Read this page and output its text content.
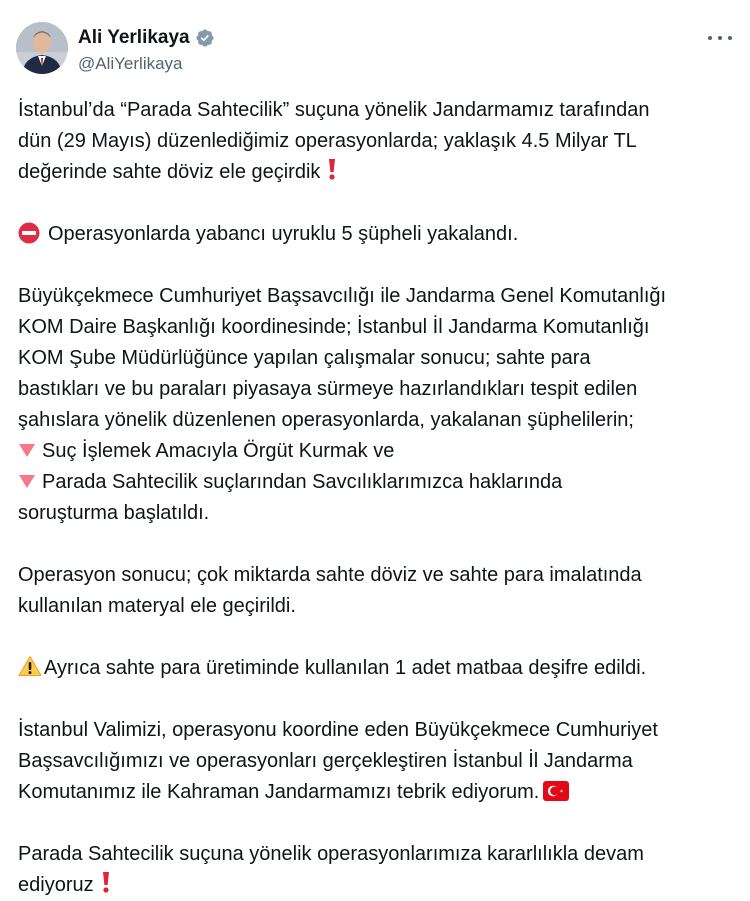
Ali Yerlikaya
@AliYerlikaya
İstanbul’da “Parada Sahtecilik” suçuna yönelik Jandarmamız tarafından
dün (29 Mayıs) düzenlediğimiz operasyonlarda; yaklaşık 4.5 Milyar TL
değerinde sahte döviz ele geçirdik
Operasyonlarda yabancı uyruklu 5 şüpheli yakalandı.
Büyükçekmece Cumhuriyet Başsavcılığı ile Jandarma Genel Komutanlığı
KOM Daire Başkanlığı koordinesinde; İstanbul İl Jandarma Komutanlığı
KOM Şube Müdürlüğünce yapılan çalışmalar sonucu; sahte para
bastıkları ve bu paraları piyasaya sürmeye hazırlandıkları tespit edilen
şahıslara yönelik düzenlenen operasyonlarda, yakalanan şüphelilerin;
Suç İşlemek Amacıyla Örgüt Kurmak ve
Parada Sahtecilik suçlarından Savcılıklarımızca haklarında
soruşturma başlatıldı.
Operasyon sonucu; çok miktarda sahte döviz ve sahte para imalatında
kullanılan materyal ele geçirildi.
Ayrıca sahte para üretiminde kullanılan 1 adet matbaa deşifre edildi.
İstanbul Valimizi, operasyonu koordine eden Büyükçekmece Cumhuriyet
Başsavcılığımızı ve operasyonları gerçekleştiren İstanbul İl Jandarma
Komutanımız ile Kahraman Jandarmamızı tebrik ediyorum.
Parada Sahtecilik suçuna yönelik operasyonlarımıza kararlılıkla devam
ediyoruz
